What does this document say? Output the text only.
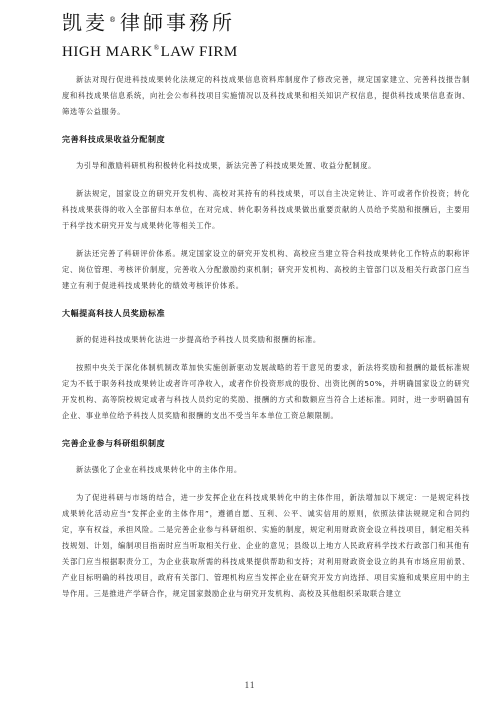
凯麦®律師事務所
HIGH MARK®LAW FIRM

新法对现行促进科技成果转化法规定的科技成果信息资料库制度作了修改完善，规定国家建立、完善科技报告制度和科技成果信息系统，向社会公布科技项目实施情况以及科技成果和相关知识产权信息，提供科技成果信息查询、筛选等公益服务。

完善科技成果收益分配制度

为引导和激励科研机构积极转化科技成果，新法完善了科技成果处置、收益分配制度。

新法规定，国家设立的研究开发机构、高校对其持有的科技成果，可以自主决定转让、许可或者作价投资；转化科技成果获得的收入全部留归本单位，在对完成、转化职务科技成果做出重要贡献的人员给予奖励和报酬后，主要用于科学技术研究开发与成果转化等相关工作。

新法还完善了科研评价体系。规定国家设立的研究开发机构、高校应当建立符合科技成果转化工作特点的职称评定、岗位管理、考核评价制度，完善收入分配激励约束机制；研究开发机构、高校的主管部门以及相关行政部门应当建立有利于促进科技成果转化的绩效考核评价体系。

大幅提高科技人员奖励标准

新的促进科技成果转化法进一步提高给予科技人员奖励和报酬的标准。

按照中央关于深化体制机制改革加快实施创新驱动发展战略的若干意见的要求，新法将奖励和报酬的最低标准规定为不低于职务科技成果转让或者许可净收入，或者作价投资形成的股份、出资比例的50%，并明确国家设立的研究开发机构、高等院校规定或者与科技人员约定的奖励、报酬的方式和数额应当符合上述标准。同时，进一步明确国有企业、事业单位给予科技人员奖励和报酬的支出不受当年本单位工资总额限制。

完善企业参与科研组织制度

新法强化了企业在科技成果转化中的主体作用。

为了促进科研与市场的结合，进一步发挥企业在科技成果转化中的主体作用，新法增加以下规定：一是规定科技成果转化活动应当“发挥企业的主体作用”，遵循自愿、互利、公平、诚实信用的原则，依照法律法规规定和合同约定，享有权益，承担风险。二是完善企业参与科研组织、实施的制度，规定利用财政资金设立科技项目，制定相关科技规划、计划，编制项目指南时应当听取相关行业、企业的意见；县级以上地方人民政府科学技术行政部门和其他有关部门应当根据职责分工，为企业获取所需的科技成果提供帮助和支持；对利用财政资金设立的具有市场应用前景、产业目标明确的科技项目，政府有关部门、管理机构应当发挥企业在研究开发方向选择、项目实施和成果应用中的主导作用。三是推进产学研合作，规定国家鼓励企业与研究开发机构、高校及其他组织采取联合建立

11
